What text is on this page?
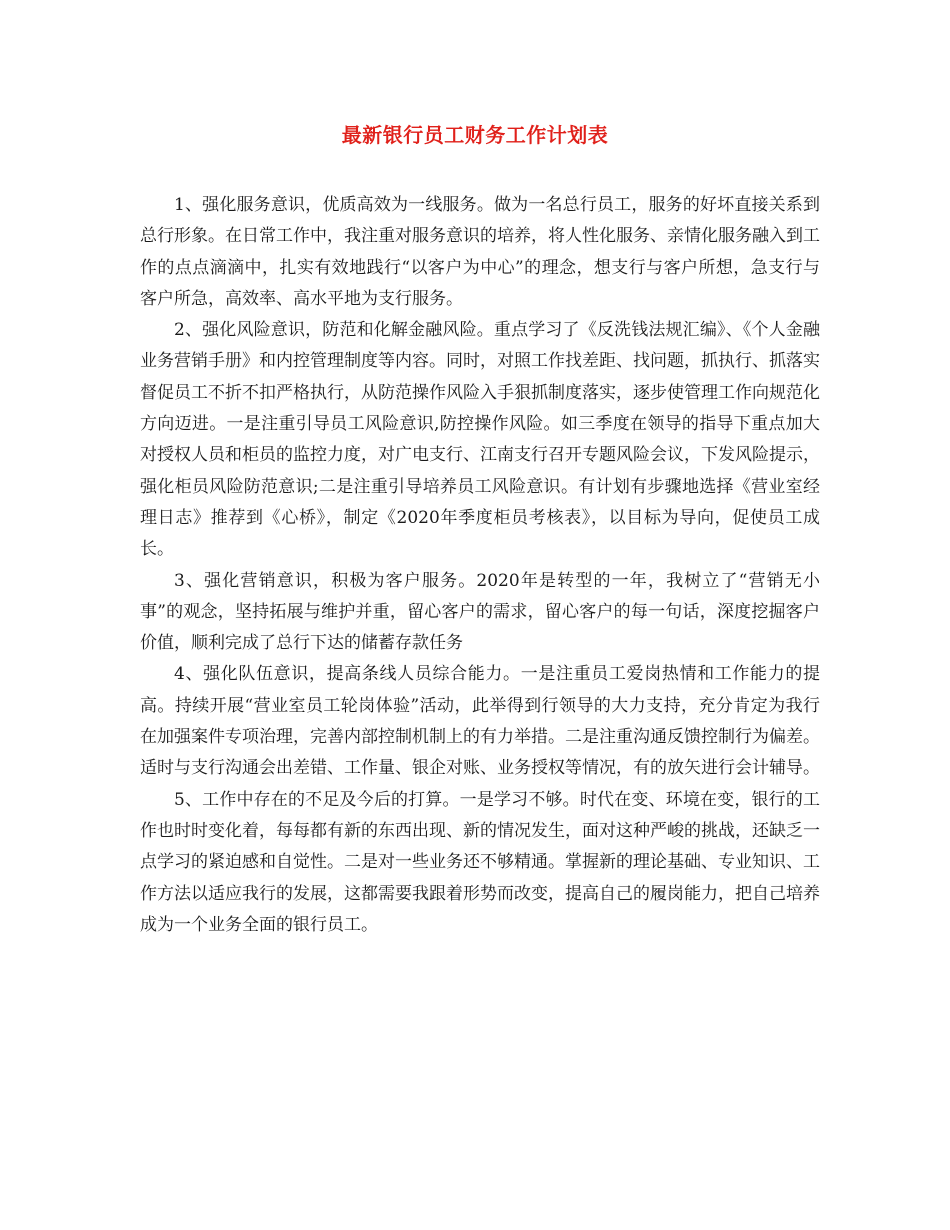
最新银行员工财务工作计划表

1、强化服务意识，优质高效为一线服务。做为一名总行员工，服务的好坏直接关系到总行形象。在日常工作中，我注重对服务意识的培养，将人性化服务、亲情化服务融入到工作的点点滴滴中，扎实有效地践行“以客户为中心”的理念，想支行与客户所想，急支行与客户所急，高效率、高水平地为支行服务。

2、强化风险意识，防范和化解金融风险。重点学习了《反洗钱法规汇编》、《个人金融业务营销手册》和内控管理制度等内容。同时，对照工作找差距、找问题，抓执行、抓落实督促员工不折不扣严格执行，从防范操作风险入手狠抓制度落实，逐步使管理工作向规范化方向迈进。一是注重引导员工风险意识,防控操作风险。如三季度在领导的指导下重点加大对授权人员和柜员的监控力度，对广电支行、江南支行召开专题风险会议，下发风险提示，强化柜员风险防范意识;二是注重引导培养员工风险意识。有计划有步骤地选择《营业室经理日志》推荐到《心桥》，制定《2020年季度柜员考核表》，以目标为导向，促使员工成长。

3、强化营销意识，积极为客户服务。2020年是转型的一年，我树立了“营销无小事”的观念，坚持拓展与维护并重，留心客户的需求，留心客户的每一句话，深度挖掘客户价值，顺利完成了总行下达的储蓄存款任务

4、强化队伍意识，提高条线人员综合能力。一是注重员工爱岗热情和工作能力的提高。持续开展“营业室员工轮岗体验”活动，此举得到行领导的大力支持，充分肯定为我行在加强案件专项治理，完善内部控制机制上的有力举措。二是注重沟通反馈控制行为偏差。适时与支行沟通会出差错、工作量、银企对账、业务授权等情况，有的放矢进行会计辅导。

5、工作中存在的不足及今后的打算。一是学习不够。时代在变、环境在变，银行的工作也时时变化着，每每都有新的东西出现、新的情况发生，面对这种严峻的挑战，还缺乏一点学习的紧迫感和自觉性。二是对一些业务还不够精通。掌握新的理论基础、专业知识、工作方法以适应我行的发展，这都需要我跟着形势而改变，提高自己的履岗能力，把自己培养成为一个业务全面的银行员工。
